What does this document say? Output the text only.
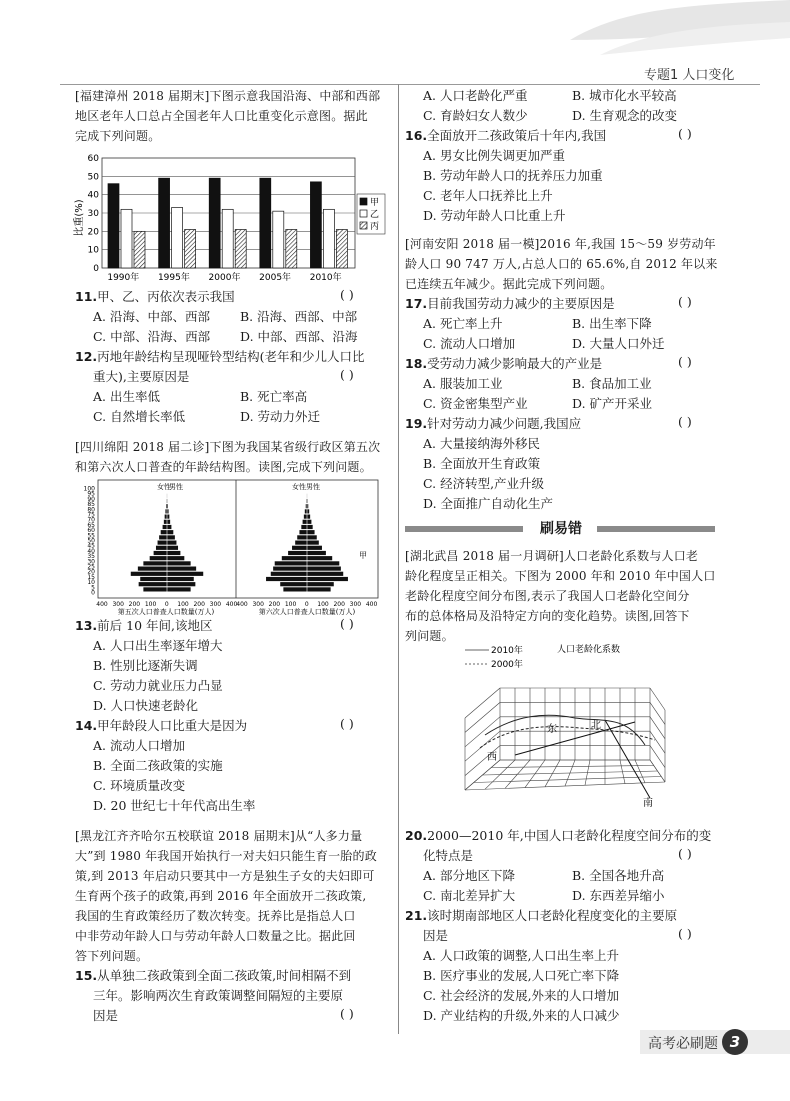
专题1 人口变化
[福建漳州 2018 届期末]下图示意我国沿海、中部和西部
地区老年人口总占全国老年人口比重变化示意图。据此
完成下列问题。
0
10
20
30
40
50
60
甲
乙
丙
1990年 1995年 2000年 2005年 2010年
比重(%)
11.甲、乙、丙依次表示我国	( )
A. 沿海、中部、西部 B. 沿海、西部、中部
C. 中部、沿海、西部 D. 中部、西部、沿海
12.丙地年龄结构呈现哑铃型结构(老年和少儿人口比
重大),主要原因是	( )
A. 出生率低	B. 死亡率高
C. 自然增长率低	D. 劳动力外迁
[四川绵阳 2018 届二诊]下图为我国某省级行政区第五次
和第六次人口普查的年龄结构图。读图,完成下列问题。
100
95
90
85
80
75
70
65
60
55
50
45
40
35
30
25
20
15
10
5
0
女性
男性	女性 男性
甲
400 300 200 100 0 100 200 300 400
400 300 200 100 0 100 200 300 400
第五次人口普查人口数量(万人)	第六次人口普查人口数量(万人)
13.前后 10 年间,该地区	( )
A. 人口出生率逐年增大
B. 性别比逐渐失调
C. 劳动力就业压力凸显
D. 人口快速老龄化
14.甲年龄段人口比重大是因为	( )
A. 流动人口增加
B. 全面二孩政策的实施
C. 环境质量改变
D. 20 世纪七十年代高出生率
[黑龙江齐齐哈尔五校联谊 2018 届期末]从“人多力量
大”到 1980 年我国开始执行一对夫妇只能生育一胎的政
策,到 2013 年启动只要其中一方是独生子女的夫妇即可
生育两个孩子的政策,再到 2016 年全面放开二孩政策,
我国的生育政策经历了数次转变。抚养比是指总人口
中非劳动年龄人口与劳动年龄人口数量之比。据此回
答下列问题。
15.从单独二孩政策到全面二孩政策,时间相隔不到
三年。影响两次生育政策调整间隔短的主要原
因是	( )
A. 人口老龄化严重	B. 城市化水平较高
C. 育龄妇女人数少	D. 生育观念的改变
16.全面放开二孩政策后十年内,我国	( )
A. 男女比例失调更加严重
B. 劳动年龄人口的抚养压力加重
C. 老年人口抚养比上升
D. 劳动年龄人口比重上升
[河南安阳 2018 届一模]2016 年,我国 15～59 岁劳动年
龄人口 90 747 万人,占总人口的 65.6%,自 2012 年以来
已连续五年减少。据此完成下列问题。
17.目前我国劳动力减少的主要原因是	( )
A. 死亡率上升	B. 出生率下降
C. 流动人口增加	D. 大量人口外迁
18.受劳动力减少影响最大的产业是	( )
A. 服装加工业	B. 食品加工业
C. 资金密集型产业	D. 矿产开采业
19.针对劳动力减少问题,我国应	( )
A. 大量接纳海外移民
B. 全面放开生育政策
C. 经济转型,产业升级
D. 全面推广自动化生产
刷易错
[湖北武昌 2018 届一月调研]人口老龄化系数与人口老
龄化程度呈正相关。下图为 2000 年和 2010 年中国人口
老龄化程度空间分布图,表示了我国人口老龄化空间分
布的总体格局及沿特定方向的变化趋势。读图,回答下
列问题。
2010年
2000年
人口老龄化系数
西
东	北
南
20.2000—2010 年,中国人口老龄化程度空间分布的变
化特点是	( )
A. 部分地区下降	B. 全国各地升高
C. 南北差异扩大	D. 东西差异缩小
21.该时期南部地区人口老龄化程度变化的主要原
因是	( )
A. 人口政策的调整,人口出生率上升
B. 医疗事业的发展,人口死亡率下降
C. 社会经济的发展,外来的人口增加
D. 产业结构的升级,外来的人口减少
高考必刷题 3
